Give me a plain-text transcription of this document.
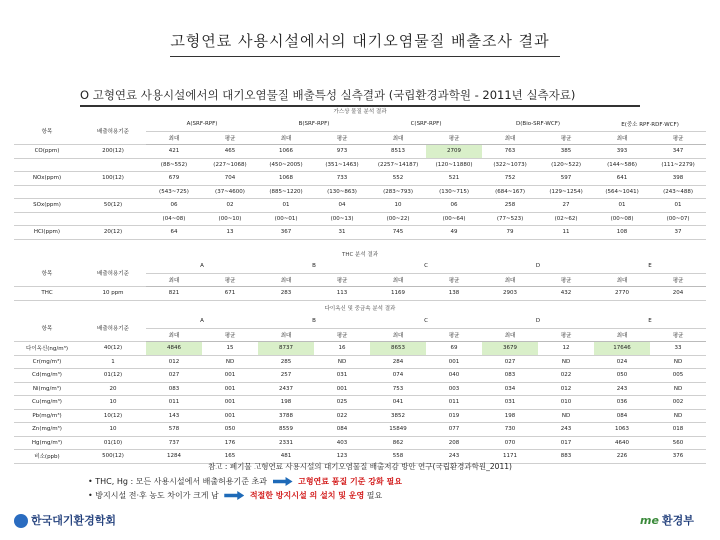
고형연료 사용시설에서의 대기오염물질 배출조사 결과
O 고형연료 사용시설에서의 대기오염물질 배출특성 실측결과 (국립환경과학원 - 2011년 실측자료)
가스상 물질 분석 결과
항목	배출허용기준	A(SRF-RPF)		B(SRF-RPF)		C(SRF-RPF)		D(Bio-SRF-WCF)		E(중소 RPF·RDF·WCF)	
		최대	평균	최대	평균	최대	평균	최대	평균	최대	평균
CO(ppm)	200(12)	421	465	1066	973	8513	2709	763	385	393	347
		(88~552)	(227~1068)	(450~2005)	(351~1463)	(2257~14187)	(120~11880)	(322~1073)	(120~522)	(144~586)	(111~2279)
NOx(ppm)	100(12)	679	704	1068	733	552	521	752	597	641	398
		(543~725)	(37~4600)	(885~1220)	(130~863)	(283~793)	(130~715)	(684~167)	(129~1254)	(564~1041)	(243~488)
SOx(ppm)	50(12)	06	02	01	04	10	06	258	27	01	01
		(04~08)	(00~10)	(00~01)	(00~13)	(00~22)	(00~64)	(77~523)	(02~62)	(00~08)	(00~07)
HCl(ppm)	20(12)	64	13	367	31	745	49	79	11	108	37
THC 분석 결과
항목	배출허용기준	A		B		C		D		E	
		최대	평균	최대	평균	최대	평균	최대	평균	최대	평균
THC	10 ppm	821	671	283	113	1169	138	2903	432	2770	204
다이옥신 및 중금속 분석 결과
항목	배출허용기준	A		B		C		D		E	
		최대	평균	최대	평균	최대	평균	최대	평균	최대	평균
다이옥신(ng/m³)	40(12)	4846	15	8737	16	8653	69	3679	12	17646	33
Cr(mg/m³)	1	012	ND	285	ND	284	001	027	ND	024	ND
Cd(mg/m³)	01(12)	027	001	257	031	074	040	083	022	050	005
Ni(mg/m³)	20	083	001	2437	001	753	003	034	012	243	ND
Cu(mg/m³)	10	011	001	198	025	041	011	031	010	036	002
Pb(mg/m³)	10(12)	143	001	3788	022	3852	019	198	ND	084	ND
Zn(mg/m³)	10	578	050	8559	084	15849	077	730	243	1063	018
Hg(mg/m³)	01(10)	737	176	2331	403	862	208	070	017	4640	560
비소(ppb)	500(12)	1284	165	481	123	558	243	1171	883	226	376
참고 : 폐기물 고형연료 사용시설의 대기오염물질 배출저감 방안 연구(국립환경과학원_2011)
• THC, Hg : 모든 사용시설에서 배출허용기준 초과	고형연료 품질 기준 강화 필요
• 방지시설 전·후 농도 차이가 크게 남	적절한 방지시설 의 설치 및 운영 필요
한국대기환경학회	me 환경부
